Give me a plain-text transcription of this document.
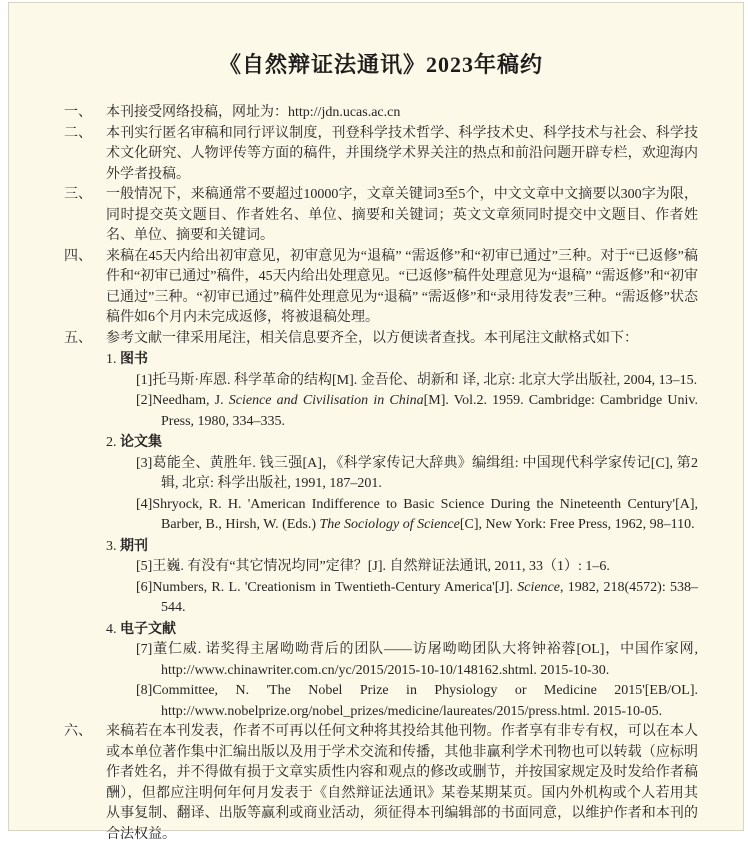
《自然辩证法通讯》2023年稿约
一、	本刊接受网络投稿，网址为：http://jdn.ucas.ac.cn
二、	本刊实行匿名审稿和同行评议制度，刊登科学技术哲学、科学技术史、科学技术与社会、科学技术文化研究、人物评传等方面的稿件，并围绕学术界关注的热点和前沿问题开辟专栏，欢迎海内外学者投稿。
三、	一般情况下，来稿通常不要超过10000字，文章关键词3至5个，中文文章中文摘要以300字为限，同时提交英文题目、作者姓名、单位、摘要和关键词；英文文章须同时提交中文题目、作者姓名、单位、摘要和关键词。
四、	来稿在45天内给出初审意见，初审意见为“退稿” “需返修”和“初审已通过”三种。对于“已返修”稿件和“初审已通过”稿件，45天内给出处理意见。“已返修”稿件处理意见为“退稿” “需返修”和“初审已通过”三种。“初审已通过”稿件处理意见为“退稿” “需返修”和“录用待发表”三种。“需返修”状态稿件如6个月内未完成返修，将被退稿处理。
五、	参考文献一律采用尾注，相关信息要齐全，以方便读者查找。本刊尾注文献格式如下：
1. 图书
[1]托马斯·库恩. 科学革命的结构[M]. 金吾伦、胡新和 译, 北京: 北京大学出版社, 2004, 13–15.
[2]Needham, J. Science and Civilisation in China[M]. Vol.2. 1959. Cambridge: Cambridge Univ. Press, 1980, 334–335.
2. 论文集
[3]葛能全、黄胜年. 钱三强[A]，《科学家传记大辞典》编缉组: 中国现代科学家传记[C], 第2辑, 北京: 科学出版社, 1991, 187–201.
[4]Shryock, R. H. 'American Indifference to Basic Science During the Nineteenth Century'[A], Barber, B., Hirsh, W. (Eds.) The Sociology of Science[C], New York: Free Press, 1962, 98–110.
3. 期刊
[5]王巍. 有没有“其它情况均同”定律？[J]. 自然辩证法通讯, 2011, 33（1）: 1–6.
[6]Numbers, R. L. 'Creationism in Twentieth-Century America'[J]. Science, 1982, 218(4572): 538–544.
4. 电子文献
[7]董仁威. 诺奖得主屠呦呦背后的团队——访屠呦呦团队大将钟裕蓉[OL]，中国作家网, http://www.chinawriter.com.cn/yc/2015/2015-10-10/148162.shtml. 2015-10-30.
[8]Committee, N. 'The Nobel Prize in Physiology or Medicine 2015'[EB/OL]. http://www.nobelprize.org/nobel_prizes/medicine/laureates/2015/press.html. 2015-10-05.
六、	来稿若在本刊发表，作者不可再以任何文种将其投给其他刊物。作者享有非专有权，可以在本人或本单位著作集中汇编出版以及用于学术交流和传播，其他非赢利学术刊物也可以转载（应标明作者姓名，并不得做有损于文章实质性内容和观点的修改或删节，并按国家规定及时发给作者稿酬），但都应注明何年何月发表于《自然辩证法通讯》某卷某期某页。国内外机构或个人若用其从事复制、翻译、出版等赢利或商业活动，须征得本刊编辑部的书面同意，以维护作者和本刊的合法权益。
